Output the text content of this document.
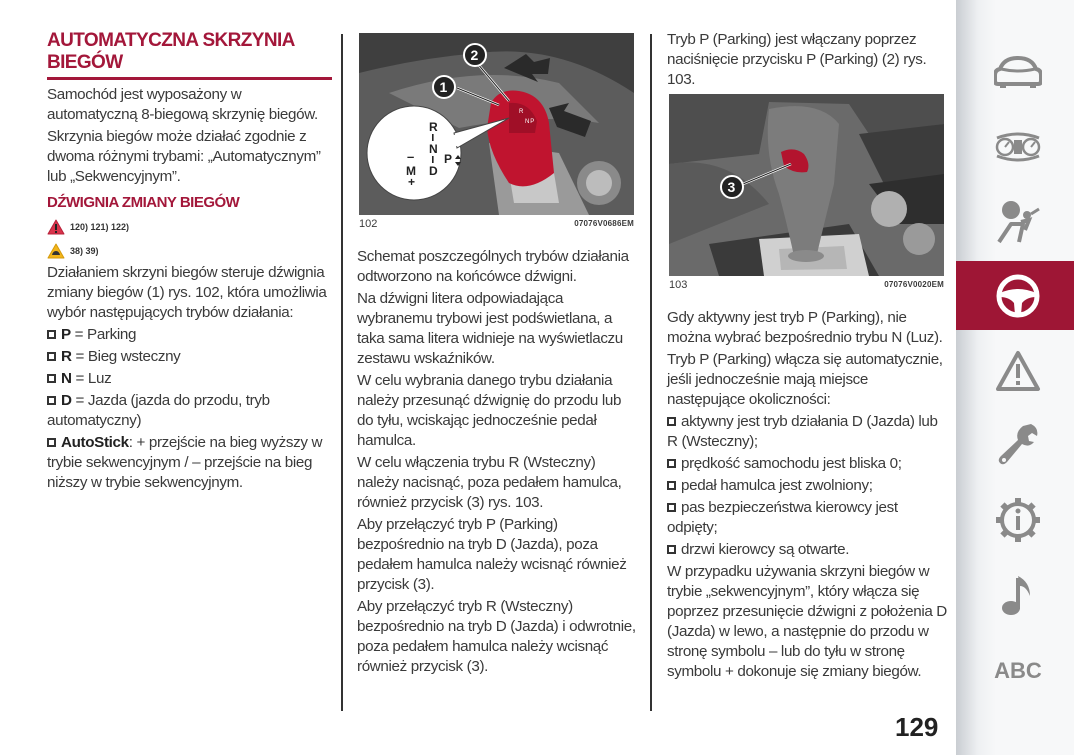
AUTOMATYCZNA SKRZYNIA BIEGÓW

Samochód jest wyposażony w automatyczną 8-biegową skrzynię biegów.

Skrzynia biegów może działać zgodnie z dwoma różnymi trybami: „Automatycznym” lub „Sekwencyjnym”.

DŹWIGNIA ZMIANY BIEGÓW
120) 121) 122)
38) 39)

Działaniem skrzyni biegów steruje dźwignia zmiany biegów (1) rys. 102, która umożliwia wybór następujących trybów działania:

P = Parking
R = Bieg wsteczny
N = Luz
D = Jazda (jazda do przodu, tryb automatyczny)
AutoStick: + przejście na bieg wyższy w trybie sekwencyjnym / – przejście na bieg niższy w trybie sekwencyjnym.
R
N P
R
N
D
P
–
M
+
1
2
102	07076V0686EM

Schemat poszczególnych trybów działania odtworzono na końcówce dźwigni.

Na dźwigni litera odpowiadająca wybranemu trybowi jest podświetlana, a taka sama litera widnieje na wyświetlaczu zestawu wskaźników.

W celu wybrania danego trybu działania należy przesunąć dźwignię do przodu lub do tyłu, wciskając jednocześnie pedał hamulca.

W celu włączenia trybu R (Wsteczny) należy nacisnąć, poza pedałem hamulca, również przycisk (3) rys. 103.

Aby przełączyć tryb P (Parking) bezpośrednio na tryb D (Jazda), poza pedałem hamulca należy wcisnąć również przycisk (3).

Aby przełączyć tryb R (Wsteczny) bezpośrednio na tryb D (Jazda) i odwrotnie, poza pedałem hamulca należy wcisnąć również przycisk (3).

Tryb P (Parking) jest włączany poprzez naciśnięcie przycisku P (Parking) (2) rys. 103.

3
103	07076V0020EM

Gdy aktywny jest tryb P (Parking), nie można wybrać bezpośrednio trybu N (Luz).

Tryb P (Parking) włącza się automatycznie, jeśli jednocześnie mają miejsce następujące okoliczności:

aktywny jest tryb działania D (Jazda) lub R (Wsteczny);
prędkość samochodu jest bliska 0;
pedał hamulca jest zwolniony;
pas bezpieczeństwa kierowcy jest odpięty;
drzwi kierowcy są otwarte.

W przypadku używania skrzyni biegów w trybie „sekwencyjnym”, który włącza się poprzez przesunięcie dźwigni z położenia D (Jazda) w lewo, a następnie do przodu w stronę symbolu – lub do tyłu w stronę symbolu + dokonuje się zmiany biegów.

129
ABC
